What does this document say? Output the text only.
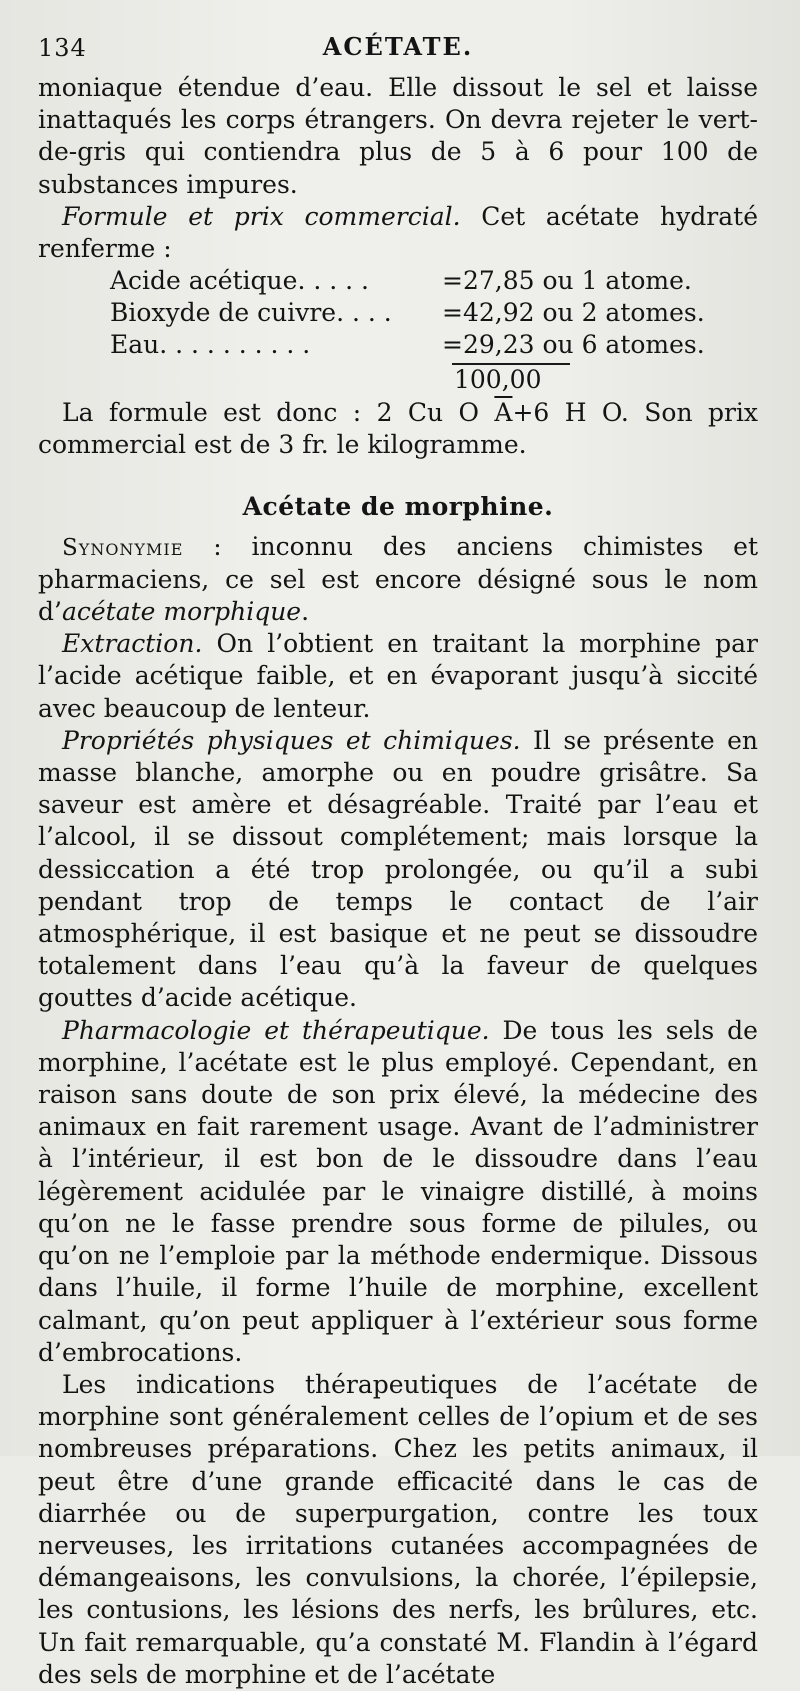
134	ACÉTATE.

moniaque étendue d’eau. Elle dissout le sel et laisse inattaqués les corps étrangers. On devra rejeter le vert-de-gris qui contiendra plus de 5 à 6 pour 100 de substances impures.

Formule et prix commercial. Cet acétate hydraté renferme :

Acide acétique. . . . .	=27,85 ou 1 atome.
Bioxyde de cuivre. . . . =42,92 ou 2 atomes.
Eau. . . . . . . . . .	=29,23 ou 6 atomes.
100,00

La formule est donc : 2 Cu O $\overline{A}+6$ H O. Son prix commercial est de 3 fr. le kilogramme.

Acétate de morphine.

Synonymie : inconnu des anciens chimistes et pharmaciens, ce sel est encore désigné sous le nom d’acétate morphique.

Extraction. On l’obtient en traitant la morphine par l’acide acétique faible, et en évaporant jusqu’à siccité avec beaucoup de lenteur.

Propriétés physiques et chimiques. Il se présente en masse blanche, amorphe ou en poudre grisâtre. Sa saveur est amère et désagréable. Traité par l’eau et l’alcool, il se dissout complétement; mais lorsque la dessiccation a été trop prolongée, ou qu’il a subi pendant trop de temps le contact de l’air atmosphérique, il est basique et ne peut se dissoudre totalement dans l’eau qu’à la faveur de quelques gouttes d’acide acétique.

Pharmacologie et thérapeutique. De tous les sels de morphine, l’acétate est le plus employé. Cependant, en raison sans doute de son prix élevé, la médecine des animaux en fait rarement usage. Avant de l’administrer à l’intérieur, il est bon de le dissoudre dans l’eau légèrement acidulée par le vinaigre distillé, à moins qu’on ne le fasse prendre sous forme de pilules, ou qu’on ne l’emploie par la méthode endermique. Dissous dans l’huile, il forme l’huile de morphine, excellent calmant, qu’on peut appliquer à l’extérieur sous forme d’embrocations.

Les indications thérapeutiques de l’acétate de morphine sont généralement celles de l’opium et de ses nombreuses préparations. Chez les petits animaux, il peut être d’une grande efficacité dans le cas de diarrhée ou de superpurgation, contre les toux nerveuses, les irritations cutanées accompagnées de démangeaisons, les convulsions, la chorée, l’épilepsie, les contusions, les lésions des nerfs, les brûlures, etc. Un fait remarquable, qu’a constaté M. Flandin à l’égard des sels de morphine et de l’acétate
